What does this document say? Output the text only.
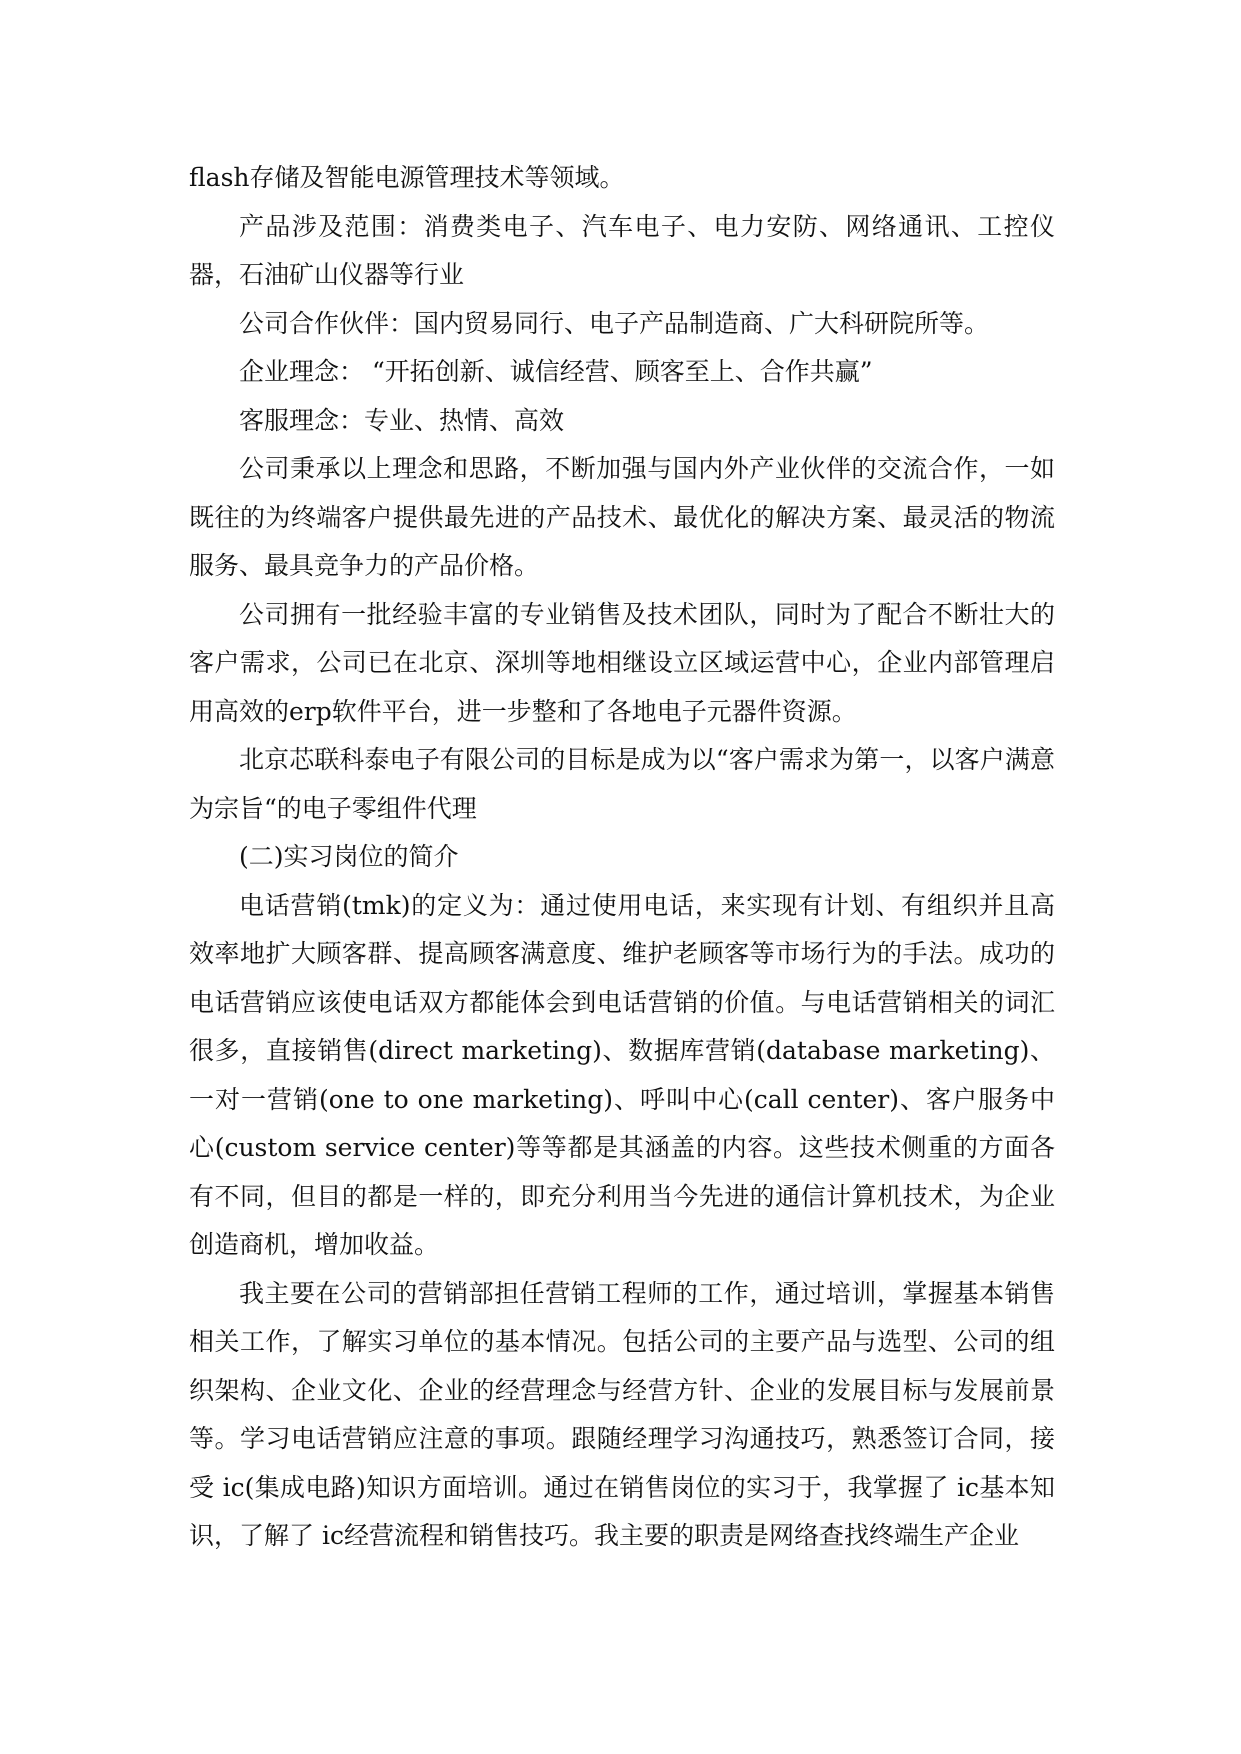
flash存储及智能电源管理技术等领域。

产品涉及范围：消费类电子、汽车电子、电力安防、网络通讯、工控仪器，石油矿山仪器等行业

公司合作伙伴：国内贸易同行、电子产品制造商、广大科研院所等。

企业理念： “开拓创新、诚信经营、顾客至上、合作共赢”

客服理念：专业、热情、高效

公司秉承以上理念和思路，不断加强与国内外产业伙伴的交流合作，一如既往的为终端客户提供最先进的产品技术、最优化的解决方案、最灵活的物流服务、最具竞争力的产品价格。

公司拥有一批经验丰富的专业销售及技术团队，同时为了配合不断壮大的客户需求，公司已在北京、深圳等地相继设立区域运营中心，企业内部管理启用高效的erp软件平台，进一步整和了各地电子元器件资源。

北京芯联科泰电子有限公司的目标是成为以“客户需求为第一，以客户满意为宗旨“的电子零组件代理

(二)实习岗位的简介

电话营销(tmk)的定义为：通过使用电话，来实现有计划、有组织并且高效率地扩大顾客群、提高顾客满意度、维护老顾客等市场行为的手法。成功的电话营销应该使电话双方都能体会到电话营销的价值。与电话营销相关的词汇很多，直接销售(direct marketing)、数据库营销(database marketing)、一对一营销(one to one marketing)、呼叫中心(call center)、客户服务中心(custom service center)等等都是其涵盖的内容。这些技术侧重的方面各有不同，但目的都是一样的，即充分利用当今先进的通信计算机技术，为企业创造商机，增加收益。

我主要在公司的营销部担任营销工程师的工作，通过培训，掌握基本销售相关工作，了解实习单位的基本情况。包括公司的主要产品与选型、公司的组织架构、企业文化、企业的经营理念与经营方针、企业的发展目标与发展前景等。学习电话营销应注意的事项。跟随经理学习沟通技巧，熟悉签订合同，接受 ic(集成电路)知识方面培训。通过在销售岗位的实习于，我掌握了 ic基本知识，了解了 ic经营流程和销售技巧。我主要的职责是网络查找终端生产企业
